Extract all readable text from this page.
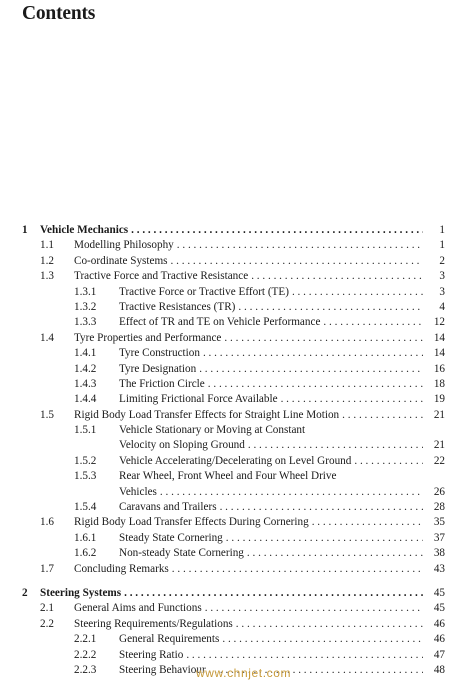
Contents
1 Vehicle Mechanics . . .	1
1.1 Modelling Philosophy . . .	1
1.2 Co-ordinate Systems . . .	2
1.3 Tractive Force and Tractive Resistance . . .	3
1.3.1 Tractive Force or Tractive Effort (TE) . . .	3
1.3.2 Tractive Resistances (TR) . . .	4
1.3.3 Effect of TR and TE on Vehicle Performance . . .	12
1.4 Tyre Properties and Performance . . .	14
1.4.1 Tyre Construction . . .	14
1.4.2 Tyre Designation . . .	16
1.4.3 The Friction Circle . . .	18
1.4.4 Limiting Frictional Force Available . . .	19
1.5 Rigid Body Load Transfer Effects for Straight Line Motion . . .	21
1.5.1 Vehicle Stationary or Moving at Constant
Velocity on Sloping Ground . . .	21
1.5.2 Vehicle Accelerating/Decelerating on Level Ground . . .	22
1.5.3 Rear Wheel, Front Wheel and Four Wheel Drive
Vehicles . . .	26
1.5.4 Caravans and Trailers . . .	28
1.6 Rigid Body Load Transfer Effects During Cornering . . .	35
1.6.1 Steady State Cornering . . .	37
1.6.2 Non-steady State Cornering . . .	38
1.7 Concluding Remarks . . .	43
2 Steering Systems . . .	45
2.1 General Aims and Functions . . .	45
2.2 Steering Requirements/Regulations . . .	46
2.2.1 General Requirements . . .	46
2.2.2 Steering Ratio . . .	47
2.2.3 Steering Behaviour . . .	48
www.chnjet.com
